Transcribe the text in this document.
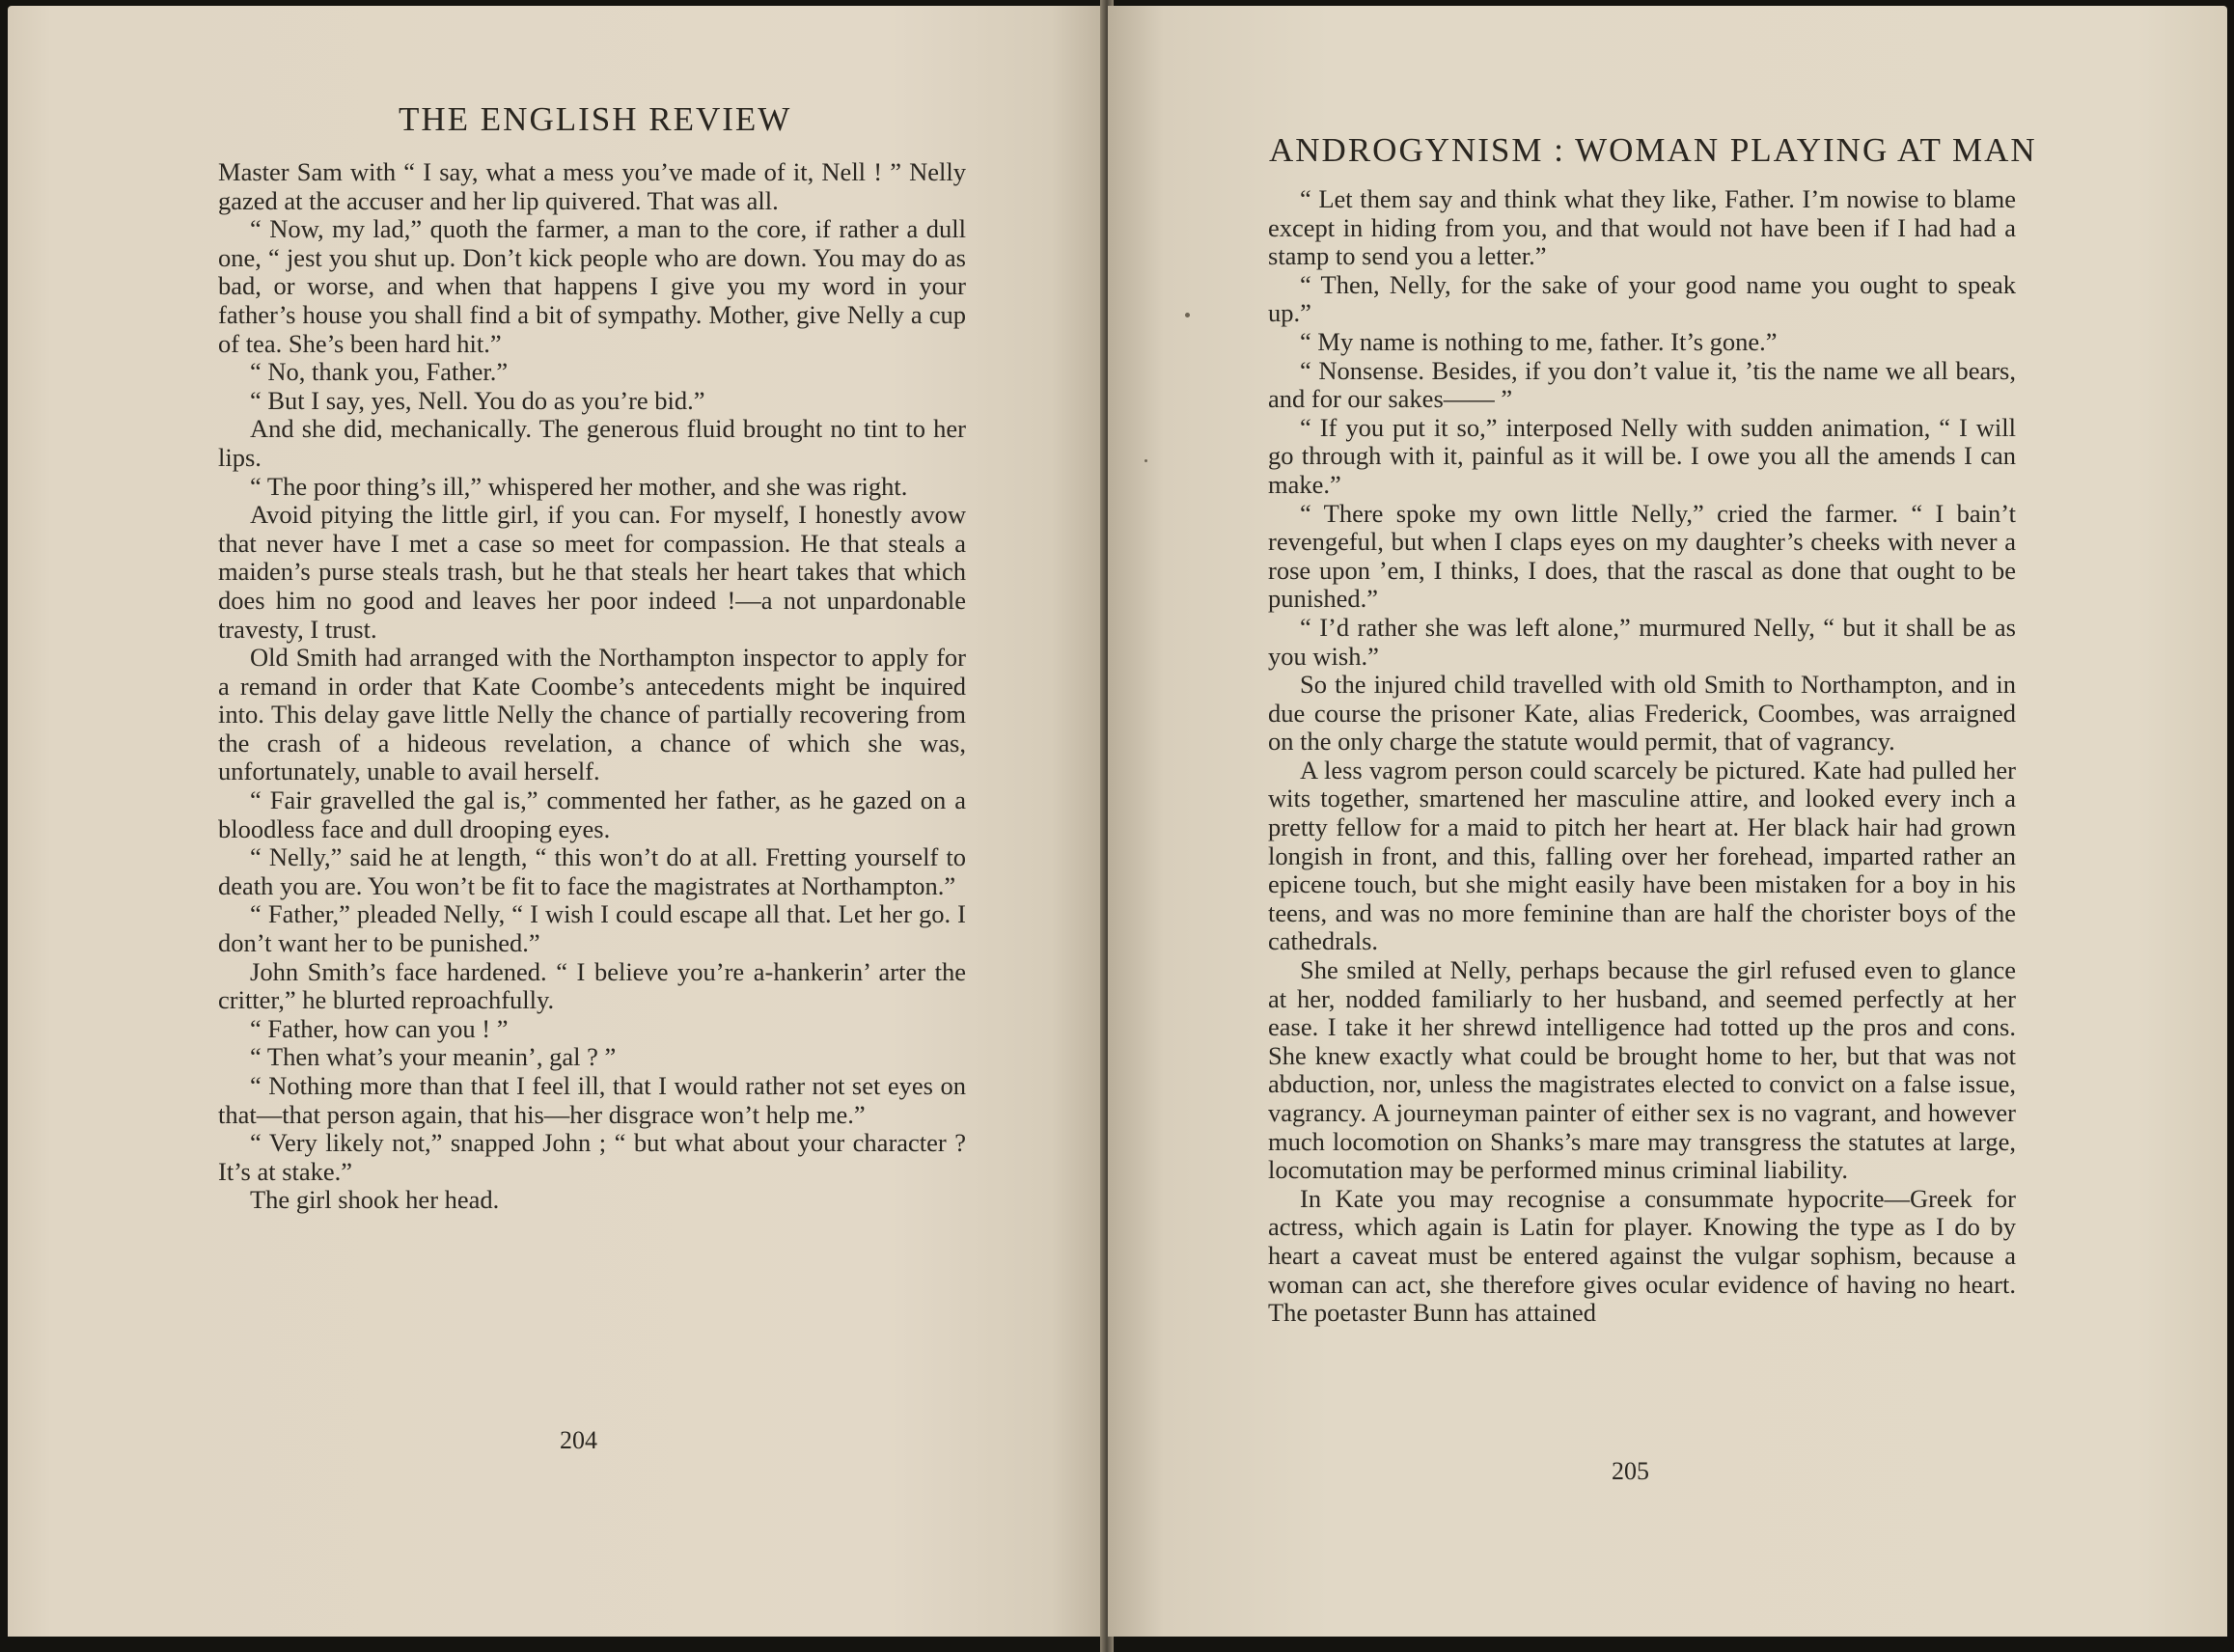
THE ENGLISH REVIEW

Master Sam with “ I say, what a mess you’ve made of it, Nell ! ” Nelly gazed at the accuser and her lip quivered. That was all.

“ Now, my lad,” quoth the farmer, a man to the core, if rather a dull one, “ jest you shut up. Don’t kick people who are down. You may do as bad, or worse, and when that happens I give you my word in your father’s house you shall find a bit of sympathy. Mother, give Nelly a cup of tea. She’s been hard hit.”

“ No, thank you, Father.”

“ But I say, yes, Nell. You do as you’re bid.”

And she did, mechanically. The generous fluid brought no tint to her lips.

“ The poor thing’s ill,” whispered her mother, and she was right.

Avoid pitying the little girl, if you can. For myself, I honestly avow that never have I met a case so meet for compassion. He that steals a maiden’s purse steals trash, but he that steals her heart takes that which does him no good and leaves her poor indeed !—a not unpardonable travesty, I trust.

Old Smith had arranged with the Northampton inspector to apply for a remand in order that Kate Coombe’s antecedents might be inquired into. This delay gave little Nelly the chance of partially recovering from the crash of a hideous revelation, a chance of which she was, unfortunately, unable to avail herself.

“ Fair gravelled the gal is,” commented her father, as he gazed on a bloodless face and dull drooping eyes.

“ Nelly,” said he at length, “ this won’t do at all. Fretting yourself to death you are. You won’t be fit to face the magistrates at Northampton.”

“ Father,” pleaded Nelly, “ I wish I could escape all that. Let her go. I don’t want her to be punished.”

John Smith’s face hardened. “ I believe you’re a-hankerin’ arter the critter,” he blurted reproachfully.

“ Father, how can you ! ”

“ Then what’s your meanin’, gal ? ”

“ Nothing more than that I feel ill, that I would rather not set eyes on that—that person again, that his—her disgrace won’t help me.”

“ Very likely not,” snapped John ; “ but what about your character ? It’s at stake.”

The girl shook her head.

204
ANDROGYNISM : WOMAN PLAYING AT MAN

“ Let them say and think what they like, Father. I’m nowise to blame except in hiding from you, and that would not have been if I had had a stamp to send you a letter.”

“ Then, Nelly, for the sake of your good name you ought to speak up.”

“ My name is nothing to me, father. It’s gone.”

“ Nonsense. Besides, if you don’t value it, ’tis the name we all bears, and for our sakes—— ”

“ If you put it so,” interposed Nelly with sudden animation, “ I will go through with it, painful as it will be. I owe you all the amends I can make.”

“ There spoke my own little Nelly,” cried the farmer. “ I bain’t revengeful, but when I claps eyes on my daughter’s cheeks with never a rose upon ’em, I thinks, I does, that the rascal as done that ought to be punished.”

“ I’d rather she was left alone,” murmured Nelly, “ but it shall be as you wish.”

So the injured child travelled with old Smith to Northampton, and in due course the prisoner Kate, alias Frederick, Coombes, was arraigned on the only charge the statute would permit, that of vagrancy.

A less vagrom person could scarcely be pictured. Kate had pulled her wits together, smartened her masculine attire, and looked every inch a pretty fellow for a maid to pitch her heart at. Her black hair had grown longish in front, and this, falling over her forehead, imparted rather an epicene touch, but she might easily have been mistaken for a boy in his teens, and was no more feminine than are half the chorister boys of the cathedrals.

She smiled at Nelly, perhaps because the girl refused even to glance at her, nodded familiarly to her husband, and seemed perfectly at her ease. I take it her shrewd intelligence had totted up the pros and cons. She knew exactly what could be brought home to her, but that was not abduction, nor, unless the magistrates elected to convict on a false issue, vagrancy. A journeyman painter of either sex is no vagrant, and however much locomotion on Shanks’s mare may transgress the statutes at large, locomutation may be performed minus criminal liability.

In Kate you may recognise a consummate hypocrite—Greek for actress, which again is Latin for player. Knowing the type as I do by heart a caveat must be entered against the vulgar sophism, because a woman can act, she therefore gives ocular evidence of having no heart. The poetaster Bunn has attained

205
